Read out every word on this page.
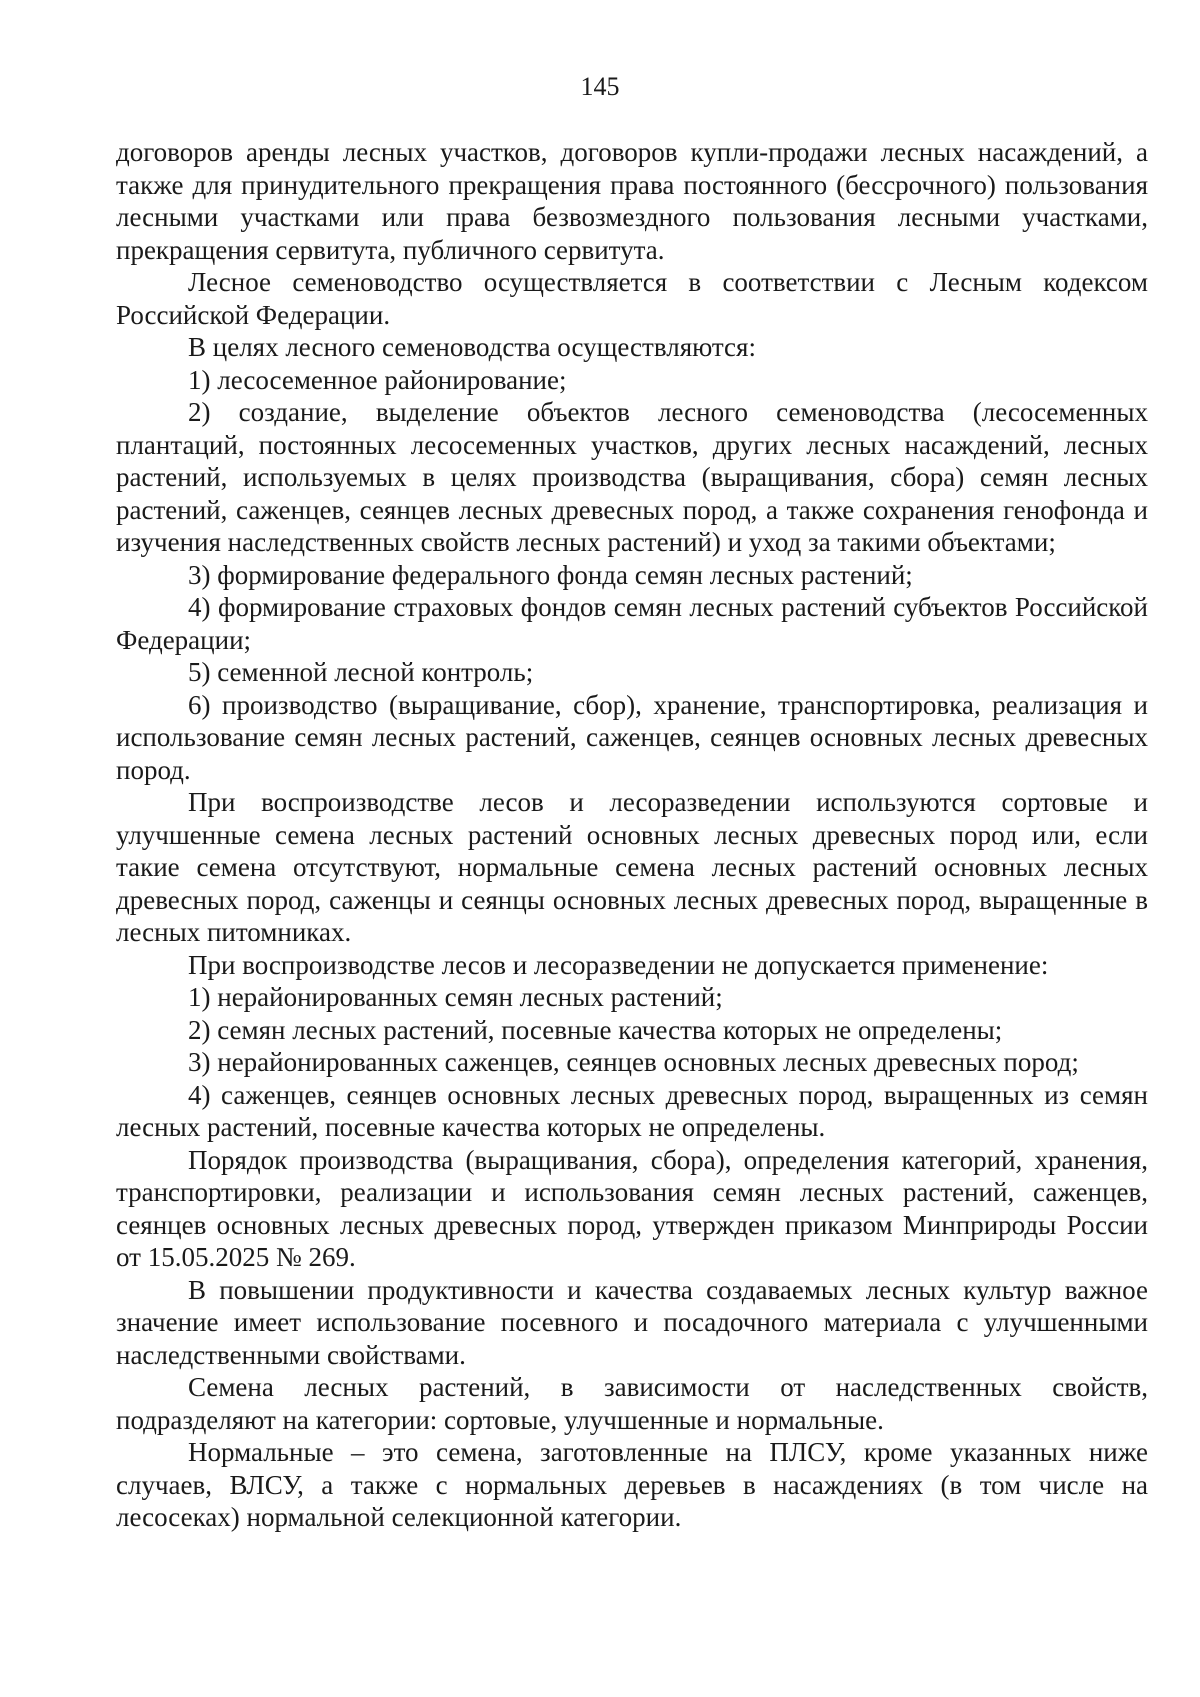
145

договоров аренды лесных участков, договоров купли-продажи лесных насаждений, а также для принудительного прекращения права постоянного (бессрочного) пользования лесными участками или права безвозмездного пользования лесными участками, прекращения сервитута, публичного сервитута.

Лесное семеноводство осуществляется в соответствии с Лесным кодексом Российской Федерации.

В целях лесного семеноводства осуществляются:

1) лесосеменное районирование;

2) создание, выделение объектов лесного семеноводства (лесосеменных плантаций, постоянных лесосеменных участков, других лесных насаждений, лесных растений, используемых в целях производства (выращивания, сбора) семян лесных растений, саженцев, сеянцев лесных древесных пород, а также сохранения генофонда и изучения наследственных свойств лесных растений) и уход за такими объектами;

3) формирование федерального фонда семян лесных растений;

4) формирование страховых фондов семян лесных растений субъектов Российской Федерации;

5) семенной лесной контроль;

6) производство (выращивание, сбор), хранение, транспортировка, реализация и использование семян лесных растений, саженцев, сеянцев основных лесных древесных пород.

При воспроизводстве лесов и лесоразведении используются сортовые и улучшенные семена лесных растений основных лесных древесных пород или, если такие семена отсутствуют, нормальные семена лесных растений основных лесных древесных пород, саженцы и сеянцы основных лесных древесных пород, выращенные в лесных питомниках.

При воспроизводстве лесов и лесоразведении не допускается применение:

1) нерайонированных семян лесных растений;

2) семян лесных растений, посевные качества которых не определены;

3) нерайонированных саженцев, сеянцев основных лесных древесных пород;

4) саженцев, сеянцев основных лесных древесных пород, выращенных из семян лесных растений, посевные качества которых не определены.

Порядок производства (выращивания, сбора), определения категорий, хранения, транспортировки, реализации и использования семян лесных растений, саженцев, сеянцев основных лесных древесных пород, утвержден приказом Минприроды России от 15.05.2025 № 269.

В повышении продуктивности и качества создаваемых лесных культур важное значение имеет использование посевного и посадочного материала с улучшенными наследственными свойствами.

Семена лесных растений, в зависимости от наследственных свойств, подразделяют на категории: сортовые, улучшенные и нормальные.

Нормальные – это семена, заготовленные на ПЛСУ, кроме указанных ниже случаев, ВЛСУ, а также с нормальных деревьев в насаждениях (в том числе на лесосеках) нормальной селекционной категории.
